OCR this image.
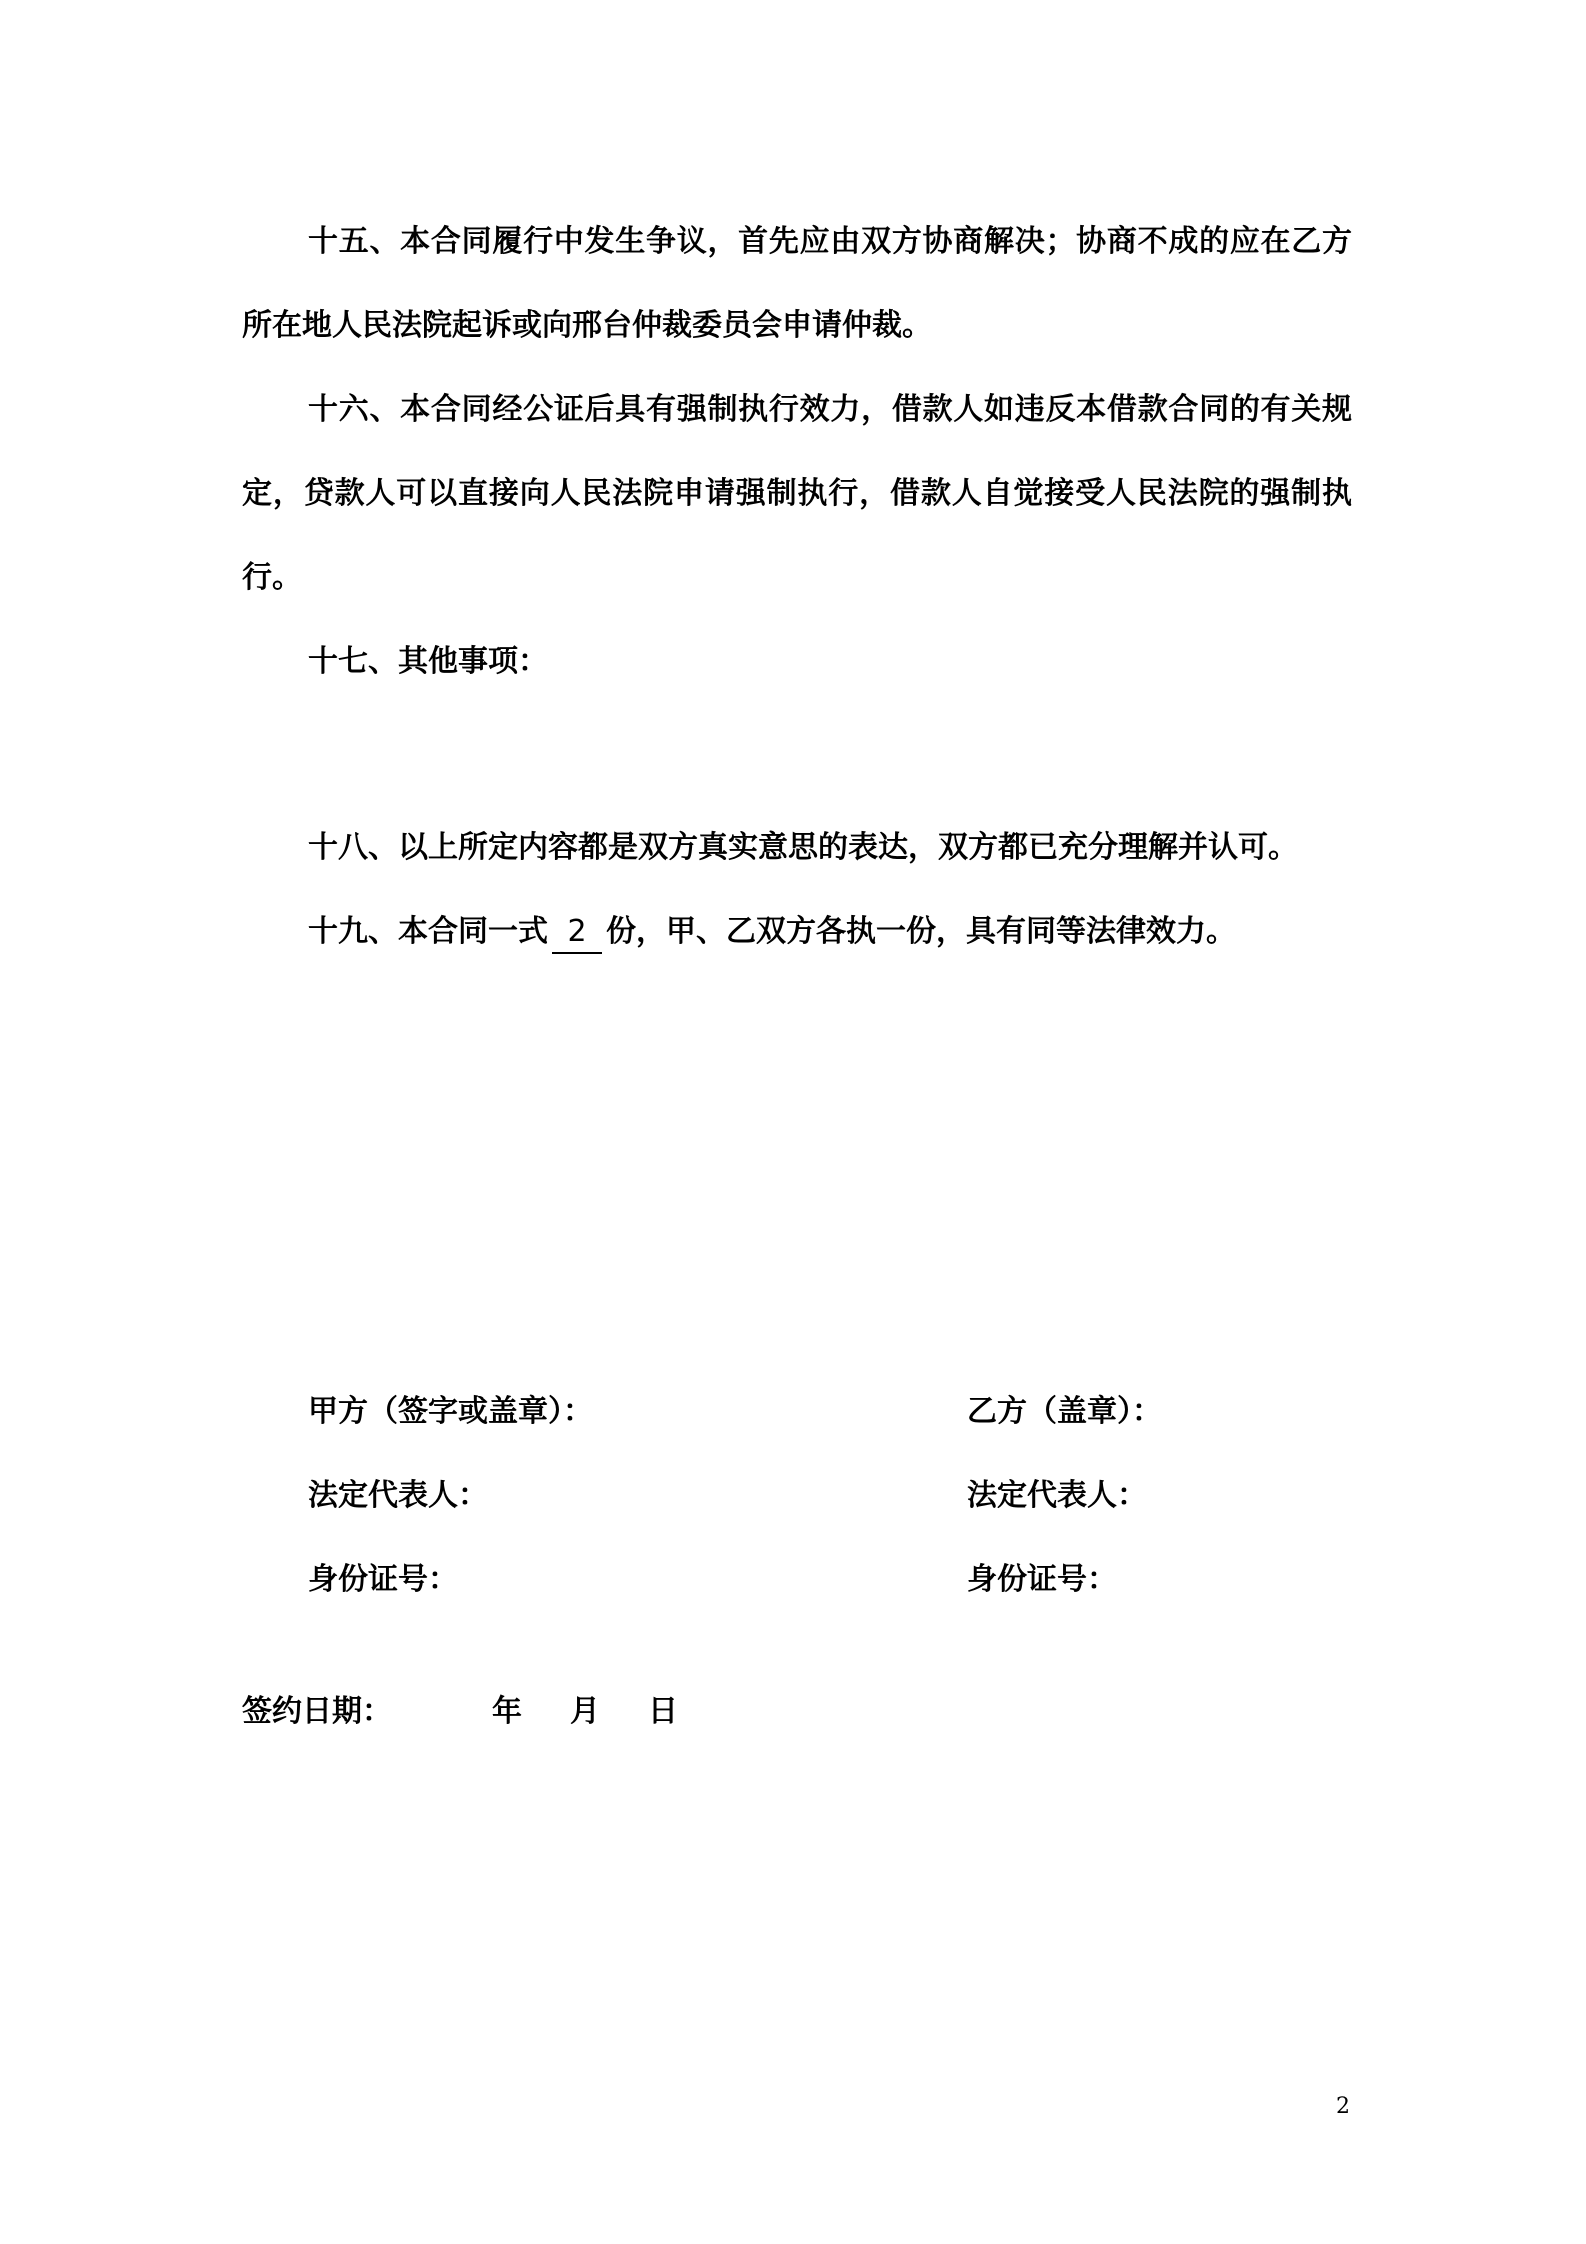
十五、本合同履行中发生争议，首先应由双方协商解决；协商不成的应在乙方所在地人民法院起诉或向邢台仲裁委员会申请仲裁。

十六、本合同经公证后具有强制执行效力，借款人如违反本借款合同的有关规定，贷款人可以直接向人民法院申请强制执行，借款人自觉接受人民法院的强制执行。

十七、其他事项：

十八、以上所定内容都是双方真实意思的表达，双方都已充分理解并认可。

十九、本合同一式 2 份，甲、乙双方各执一份，具有同等法律效力。

甲方（签字或盖章）：
法定代表人：
身份证号：
乙方（盖章）：
法定代表人：
身份证号：
签约日期：	年 月 日
2
